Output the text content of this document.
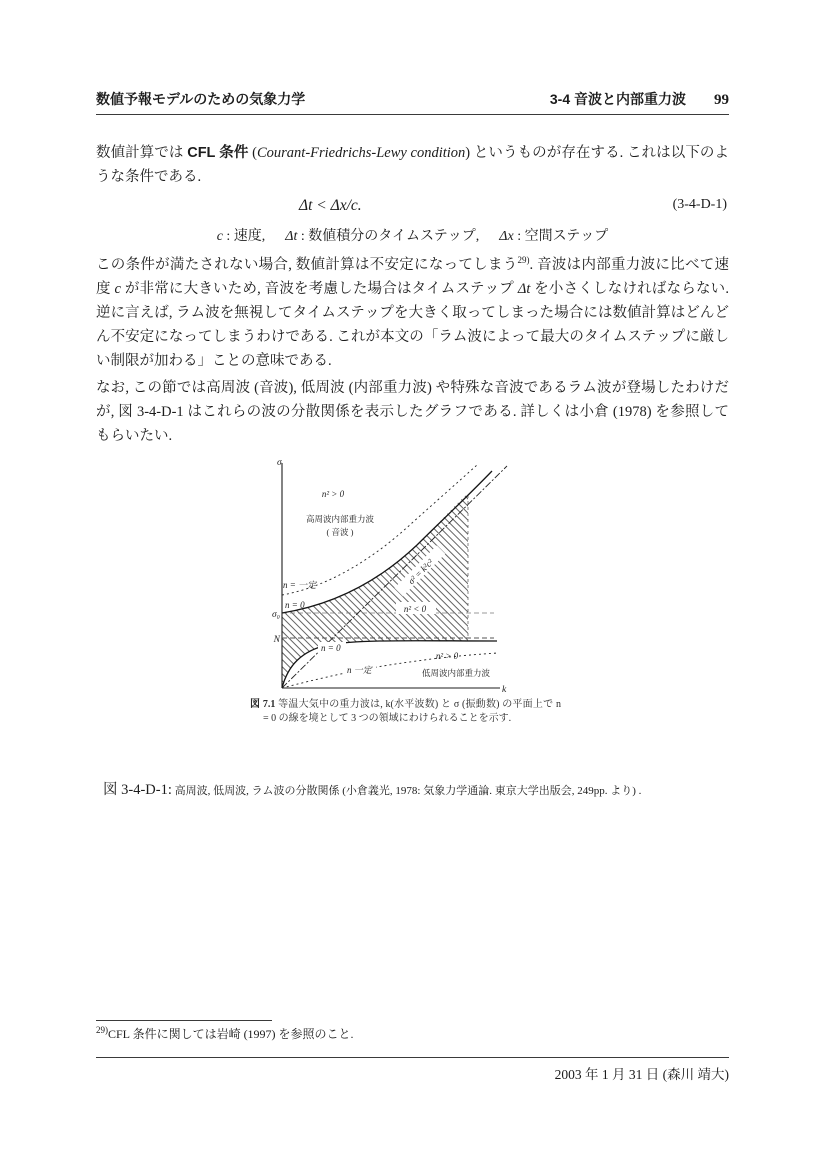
数値予報モデルのための気象力学	3-4 音波と内部重力波 99
数値計算では CFL 条件 (Courant-Friedrichs-Lewy condition) というものが存在する. これは以下のような条件である.
Δt < Δx/c.	(3-4-D-1)
c : 速度, Δt : 数値積分のタイムステップ, Δx : 空間ステップ
この条件が満たされない場合, 数値計算は不安定になってしまう$^{29)}$. 音波は内部重力波に比べて速度 c が非常に大きいため, 音波を考慮した場合はタイムステップ Δt を小さくしなければならない. 逆に言えば, ラム波を無視してタイムステップを大きく取ってしまった場合には数値計算はどんどん不安定になってしまうわけである. これが本文の「ラム波によって最大のタイムステップに厳しい制限が加わる」ことの意味である.
なお, この節では高周波 (音波), 低周波 (内部重力波) や特殊な音波であるラム波が登場したわけだが, 図 3-4-D-1 はこれらの波の分散関係を表示したグラフである. 詳しくは小倉 (1978) を参照してもらいたい.
σ² = k²c²
σ
k
σ₀
N
n² > 0
高周波内部重力波
( 音波 )
n = 一定
n = 0	n² < 0
n = 0
n 一定
n² > 0
低周波内部重力波
図 7.1 等温大気中の重力波は, k(水平波数) と σ (振動数) の平面上で n = 0 の線を境として 3 つの領域にわけられることを示す.
図 3-4-D-1: 高周波, 低周波, ラム波の分散関係 (小倉義光, 1978: 気象力学通論. 東京大学出版会, 249pp. より) .
$^{29)}$CFL 条件に関しては岩崎 (1997) を参照のこと.
2003 年 1 月 31 日 (森川 靖大)
